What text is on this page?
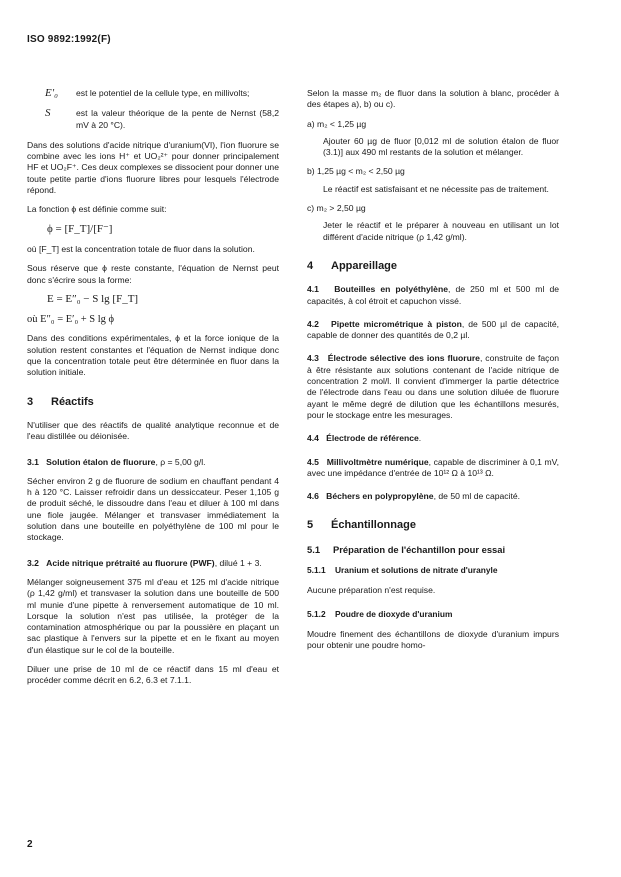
ISO 9892:1992(F)
E′₀	est le potentiel de la cellule type, en millivolts;
S	est la valeur théorique de la pente de Nernst (58,2 mV à 20 °C).

Dans des solutions d'acide nitrique d'uranium(VI), l'ion fluorure se combine avec les ions H⁺ et UO₂²⁺ pour donner principalement HF et UO₂F⁺. Ces deux complexes se dissocient pour donner une toute petite partie d'ions fluorure libres pour lesquels l'électrode répond.

La fonction ϕ est définie comme suit:

ϕ = [F_T]/[F⁻]

où [F_T] est la concentration totale de fluor dans la solution.

Sous réserve que ϕ reste constante, l'équation de Nernst peut donc s'écrire sous la forme:

E = E″₀ − S lg [F_T]
où E″₀ = E′₀ + S lg ϕ

Dans des conditions expérimentales, ϕ et la force ionique de la solution restent constantes et l'équation de Nernst indique donc que la concentration totale peut être déterminée en fluor dans la solution initiale.

3	Réactifs

N'utiliser que des réactifs de qualité analytique reconnue et de l'eau distillée ou déionisée.

3.1 Solution étalon de fluorure, ρ = 5,00 g/l.

Sécher environ 2 g de fluorure de sodium en chauffant pendant 4 h à 120 °C. Laisser refroidir dans un dessiccateur. Peser 1,105 g de produit séché, le dissoudre dans l'eau et diluer à 100 ml dans une fiole jaugée. Mélanger et transvaser immédiatement la solution dans une bouteille en polyéthylène de 100 ml pour le stockage.

3.2 Acide nitrique prétraité au fluorure (PWF), dilué 1 + 3.

Mélanger soigneusement 375 ml d'eau et 125 ml d'acide nitrique (ρ 1,42 g/ml) et transvaser la solution dans une bouteille de 500 ml munie d'une pipette à renversement automatique de 10 ml. Lorsque la solution n'est pas utilisée, la protéger de la contamination atmosphérique ou par la poussière en plaçant un sac plastique à l'envers sur la pipette et en le fixant au moyen d'un élastique sur le col de la bouteille.

Diluer une prise de 10 ml de ce réactif dans 15 ml d'eau et procéder comme décrit en 6.2, 6.3 et 7.1.1.

Selon la masse m₂ de fluor dans la solution à blanc, procéder à des étapes a), b) ou c).

a) m₂ < 1,25 µg

Ajouter 60 µg de fluor [0,012 ml de solution étalon de fluor (3.1)] aux 490 ml restants de la solution et mélanger.

b) 1,25 µg < m₂ < 2,50 µg

Le réactif est satisfaisant et ne nécessite pas de traitement.

c) m₂ > 2,50 µg

Jeter le réactif et le préparer à nouveau en utilisant un lot différent d'acide nitrique (ρ 1,42 g/ml).

4	Appareillage
4.1 Bouteilles en polyéthylène, de 250 ml et 500 ml de capacités, à col étroit et capuchon vissé.
4.2 Pipette micrométrique à piston, de 500 µl de capacité, capable de donner des quantités de 0,2 µl.
4.3 Électrode sélective des ions fluorure, construite de façon à être résistante aux solutions contenant de l'acide nitrique de concentration 2 mol/l. Il convient d'immerger la partie détectrice de l'électrode dans l'eau ou dans une solution diluée de fluorure ayant le même degré de dilution que les échantillons mesurés, pour le stockage entre les mesurages.
4.4 Électrode de référence.
4.5 Millivoltmètre numérique, capable de discriminer à 0,1 mV, avec une impédance d'entrée de 10¹² Ω à 10¹³ Ω.
4.6 Béchers en polypropylène, de 50 ml de capacité.
5	Échantillonnage
5.1	Préparation de l'échantillon pour essai
5.1.1	Uranium et solutions de nitrate d'uranyle

Aucune préparation n'est requise.

5.1.2	Poudre de dioxyde d'uranium

Moudre finement des échantillons de dioxyde d'uranium impurs pour obtenir une poudre homo-

2
